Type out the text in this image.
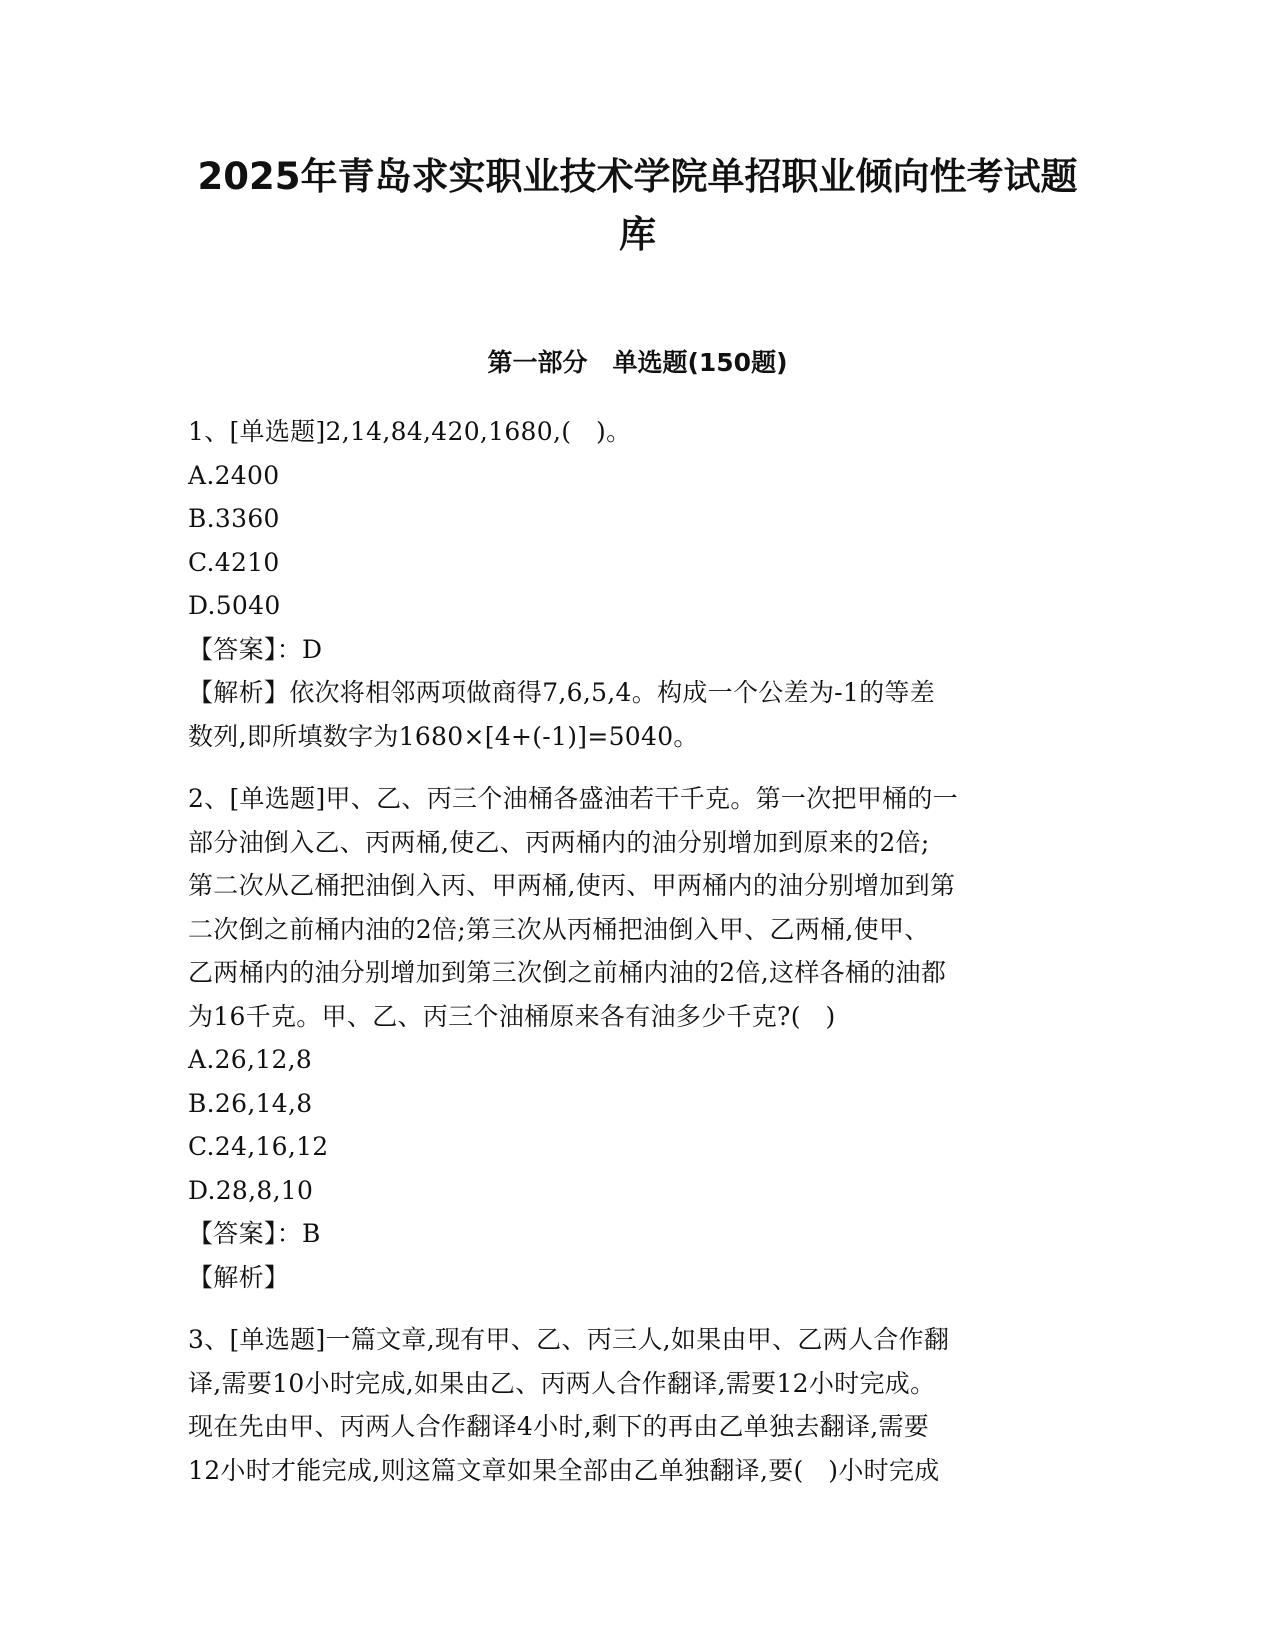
2025年青岛求实职业技术学院单招职业倾向性考试题
库
第一部分　单选题(150题)
1、[单选题]2,14,84,420,1680,(   )。
A.2400
B.3360
C.4210
D.5040
【答案】：D
【解析】依次将相邻两项做商得7,6,5,4。构成一个公差为-1的等差
数列,即所填数字为1680×[4+(-1)]=5040。
2、[单选题]甲、乙、丙三个油桶各盛油若干千克。第一次把甲桶的一
部分油倒入乙、丙两桶,使乙、丙两桶内的油分别增加到原来的2倍;
第二次从乙桶把油倒入丙、甲两桶,使丙、甲两桶内的油分别增加到第
二次倒之前桶内油的2倍;第三次从丙桶把油倒入甲、乙两桶,使甲、
乙两桶内的油分别增加到第三次倒之前桶内油的2倍,这样各桶的油都
为16千克。甲、乙、丙三个油桶原来各有油多少千克?(   )
A.26,12,8
B.26,14,8
C.24,16,12
D.28,8,10
【答案】：B
【解析】
3、[单选题]一篇文章,现有甲、乙、丙三人,如果由甲、乙两人合作翻
译,需要10小时完成,如果由乙、丙两人合作翻译,需要12小时完成。
现在先由甲、丙两人合作翻译4小时,剩下的再由乙单独去翻译,需要
12小时才能完成,则这篇文章如果全部由乙单独翻译,要(   )小时完成
